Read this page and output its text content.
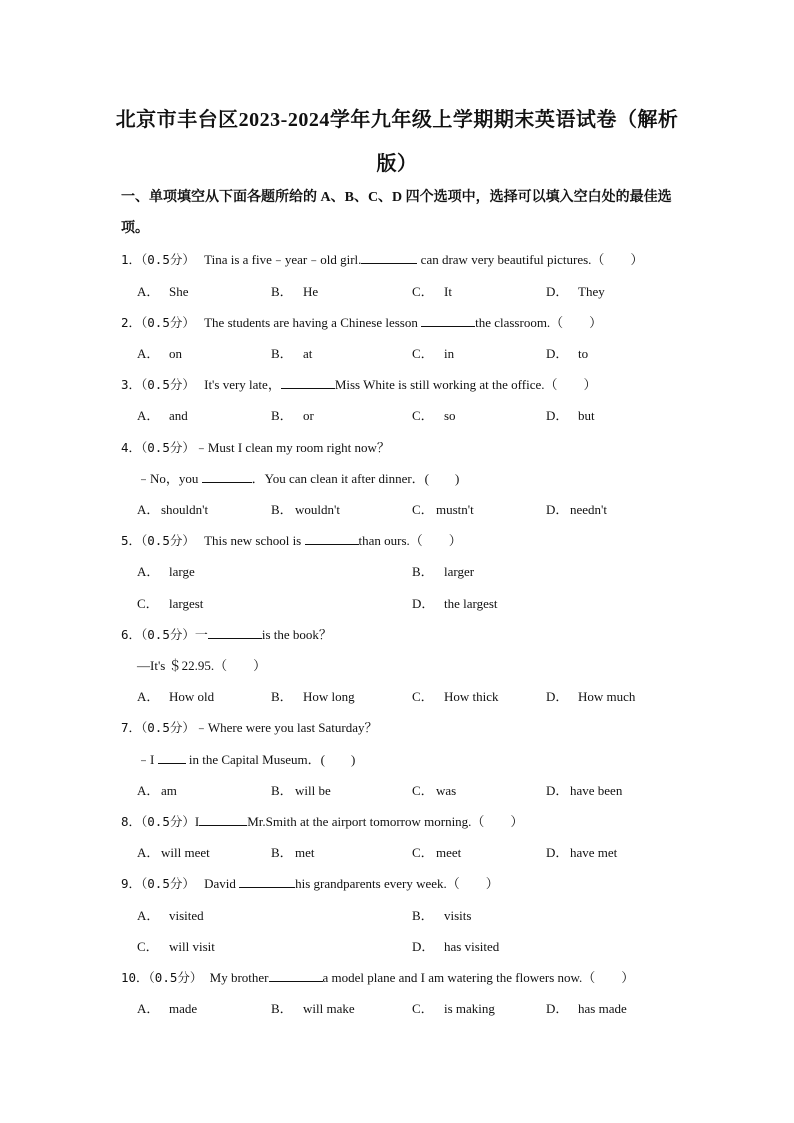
北京市丰台区2023-2024学年九年级上学期期末英语试卷（解析
版）
一、单项填空从下面各题所给的 A、B、C、D 四个选项中，选择可以填入空白处的最佳选
项。
1．（0.5分） Tina is a five﹣year﹣old girl.	can draw very beautiful pictures.（　　）
A． She	B． He	C． It	D． They
2．（0.5分） The students are having a Chinese lesson	the classroom.（　　）
A． on	B． at	C． in	D． to
3．（0.5分） It's very late，	Miss White is still working at the office.（　　）
A． and	B． or	C． so	D． but
4．（0.5分）﹣Must I clean my room right now？
﹣No，you	．You can clean it after dinner．(　　)
A． shouldn't	B． wouldn't	C． mustn't	D． needn't
5．（0.5分） This new school is	than ours.（　　）
A． large	B． larger
C． largest	D． the largest
6．（0.5分）一	is the book？
—It's ＄22.95.（　　）
A． How old	B． How long	C． How thick	D． How much
7．（0.5分）﹣Where were you last Saturday？
﹣I  in the Capital Museum．(　　)
A． am	B． will be	C． was	D． have been
8．（0.5分）I	Mr.Smith at the airport tomorrow morning.（　　）
A． will meet	B． met	C． meet	D． have met
9．（0.5分） David	his grandparents every week.（　　）
A． visited	B． visits
C． will visit	D． has visited
10．（0.5分） My brother	a model plane and I am watering the flowers now.（　　）
A． made	B． will make	C． is making	D． has made
